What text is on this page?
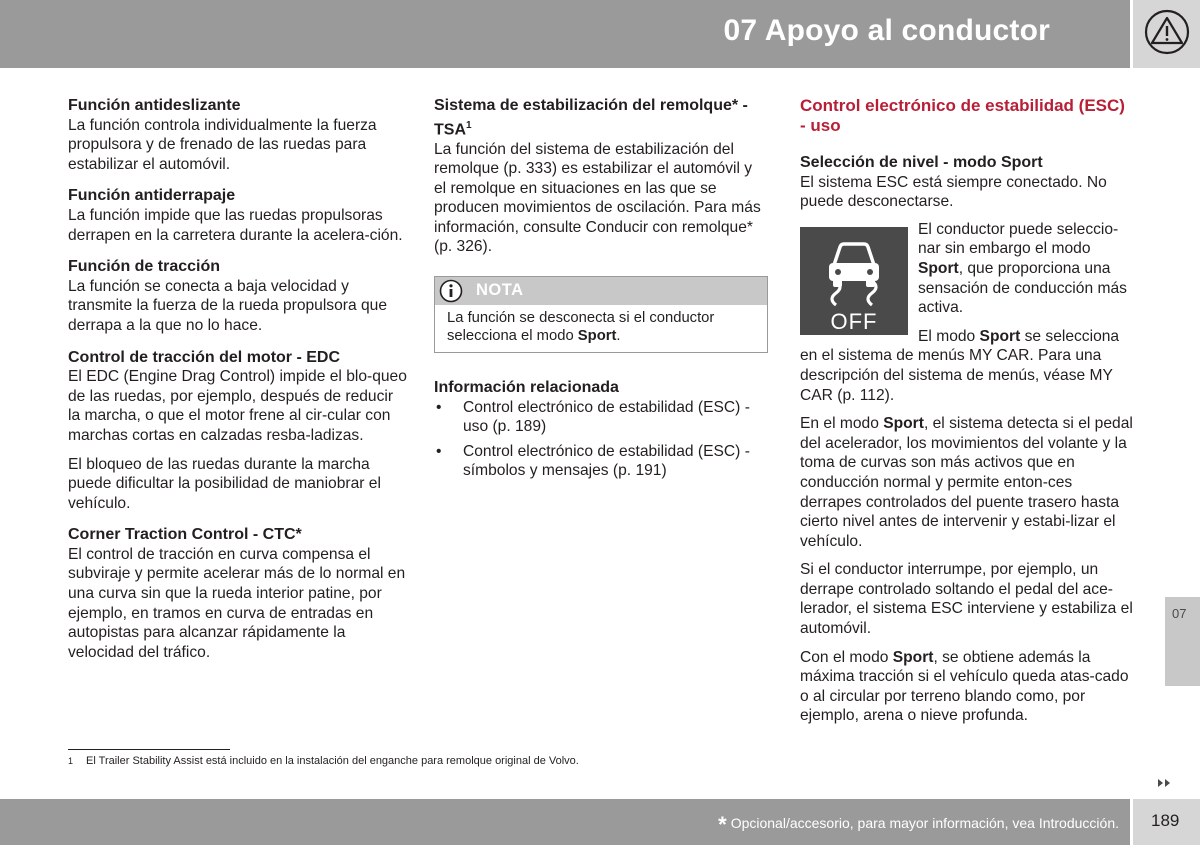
07 Apoyo al conductor
Función antideslizante
La función controla individualmente la fuerza propulsora y de frenado de las ruedas para estabilizar el automóvil.
Función antiderrapaje
La función impide que las ruedas propulsoras derrapen en la carretera durante la acelera-ción.
Función de tracción
La función se conecta a baja velocidad y transmite la fuerza de la rueda propulsora que derrapa a la que no lo hace.
Control de tracción del motor - EDC
El EDC (Engine Drag Control) impide el blo-queo de las ruedas, por ejemplo, después de reducir la marcha, o que el motor frene al cir-cular con marchas cortas en calzadas resba-ladizas.
El bloqueo de las ruedas durante la marcha puede dificultar la posibilidad de maniobrar el vehículo.
Corner Traction Control - CTC*
El control de tracción en curva compensa el subviraje y permite acelerar más de lo normal en una curva sin que la rueda interior patine, por ejemplo, en tramos en curva de entradas en autopistas para alcanzar rápidamente la velocidad del tráfico.
Sistema de estabilización del remolque* - TSA$^1$
La función del sistema de estabilización del remolque (p. 333) es estabilizar el automóvil y el remolque en situaciones en las que se producen movimientos de oscilación. Para más información, consulte Conducir con remolque* (p. 326).
NOTA
La función se desconecta si el conductor selecciona el modo Sport.
Información relacionada
• Control electrónico de estabilidad (ESC) - uso (p. 189)
• Control electrónico de estabilidad (ESC) - símbolos y mensajes (p. 191)
Control electrónico de estabilidad (ESC) - uso
Selección de nivel - modo Sport
El sistema ESC está siempre conectado. No puede desconectarse.
OFF
El conductor puede seleccio-nar sin embargo el modo Sport, que proporciona una sensación de conducción más activa.
El modo Sport se selecciona en el sistema de menús MY CAR. Para una descripción del sistema de menús, véase MY CAR (p. 112).
En el modo Sport, el sistema detecta si el pedal del acelerador, los movimientos del volante y la toma de curvas son más activos que en conducción normal y permite enton-ces derrapes controlados del puente trasero hasta cierto nivel antes de intervenir y estabi-lizar el vehículo.
Si el conductor interrumpe, por ejemplo, un derrape controlado soltando el pedal del ace-lerador, el sistema ESC interviene y estabiliza el automóvil.
Con el modo Sport, se obtiene además la máxima tracción si el vehículo queda atas-cado o al circular por terreno blando como, por ejemplo, arena o nieve profunda.
1 El Trailer Stability Assist está incluido en la instalación del enganche para remolque original de Volvo.
07
* Opcional/accesorio, para mayor información, vea Introducción. 189
